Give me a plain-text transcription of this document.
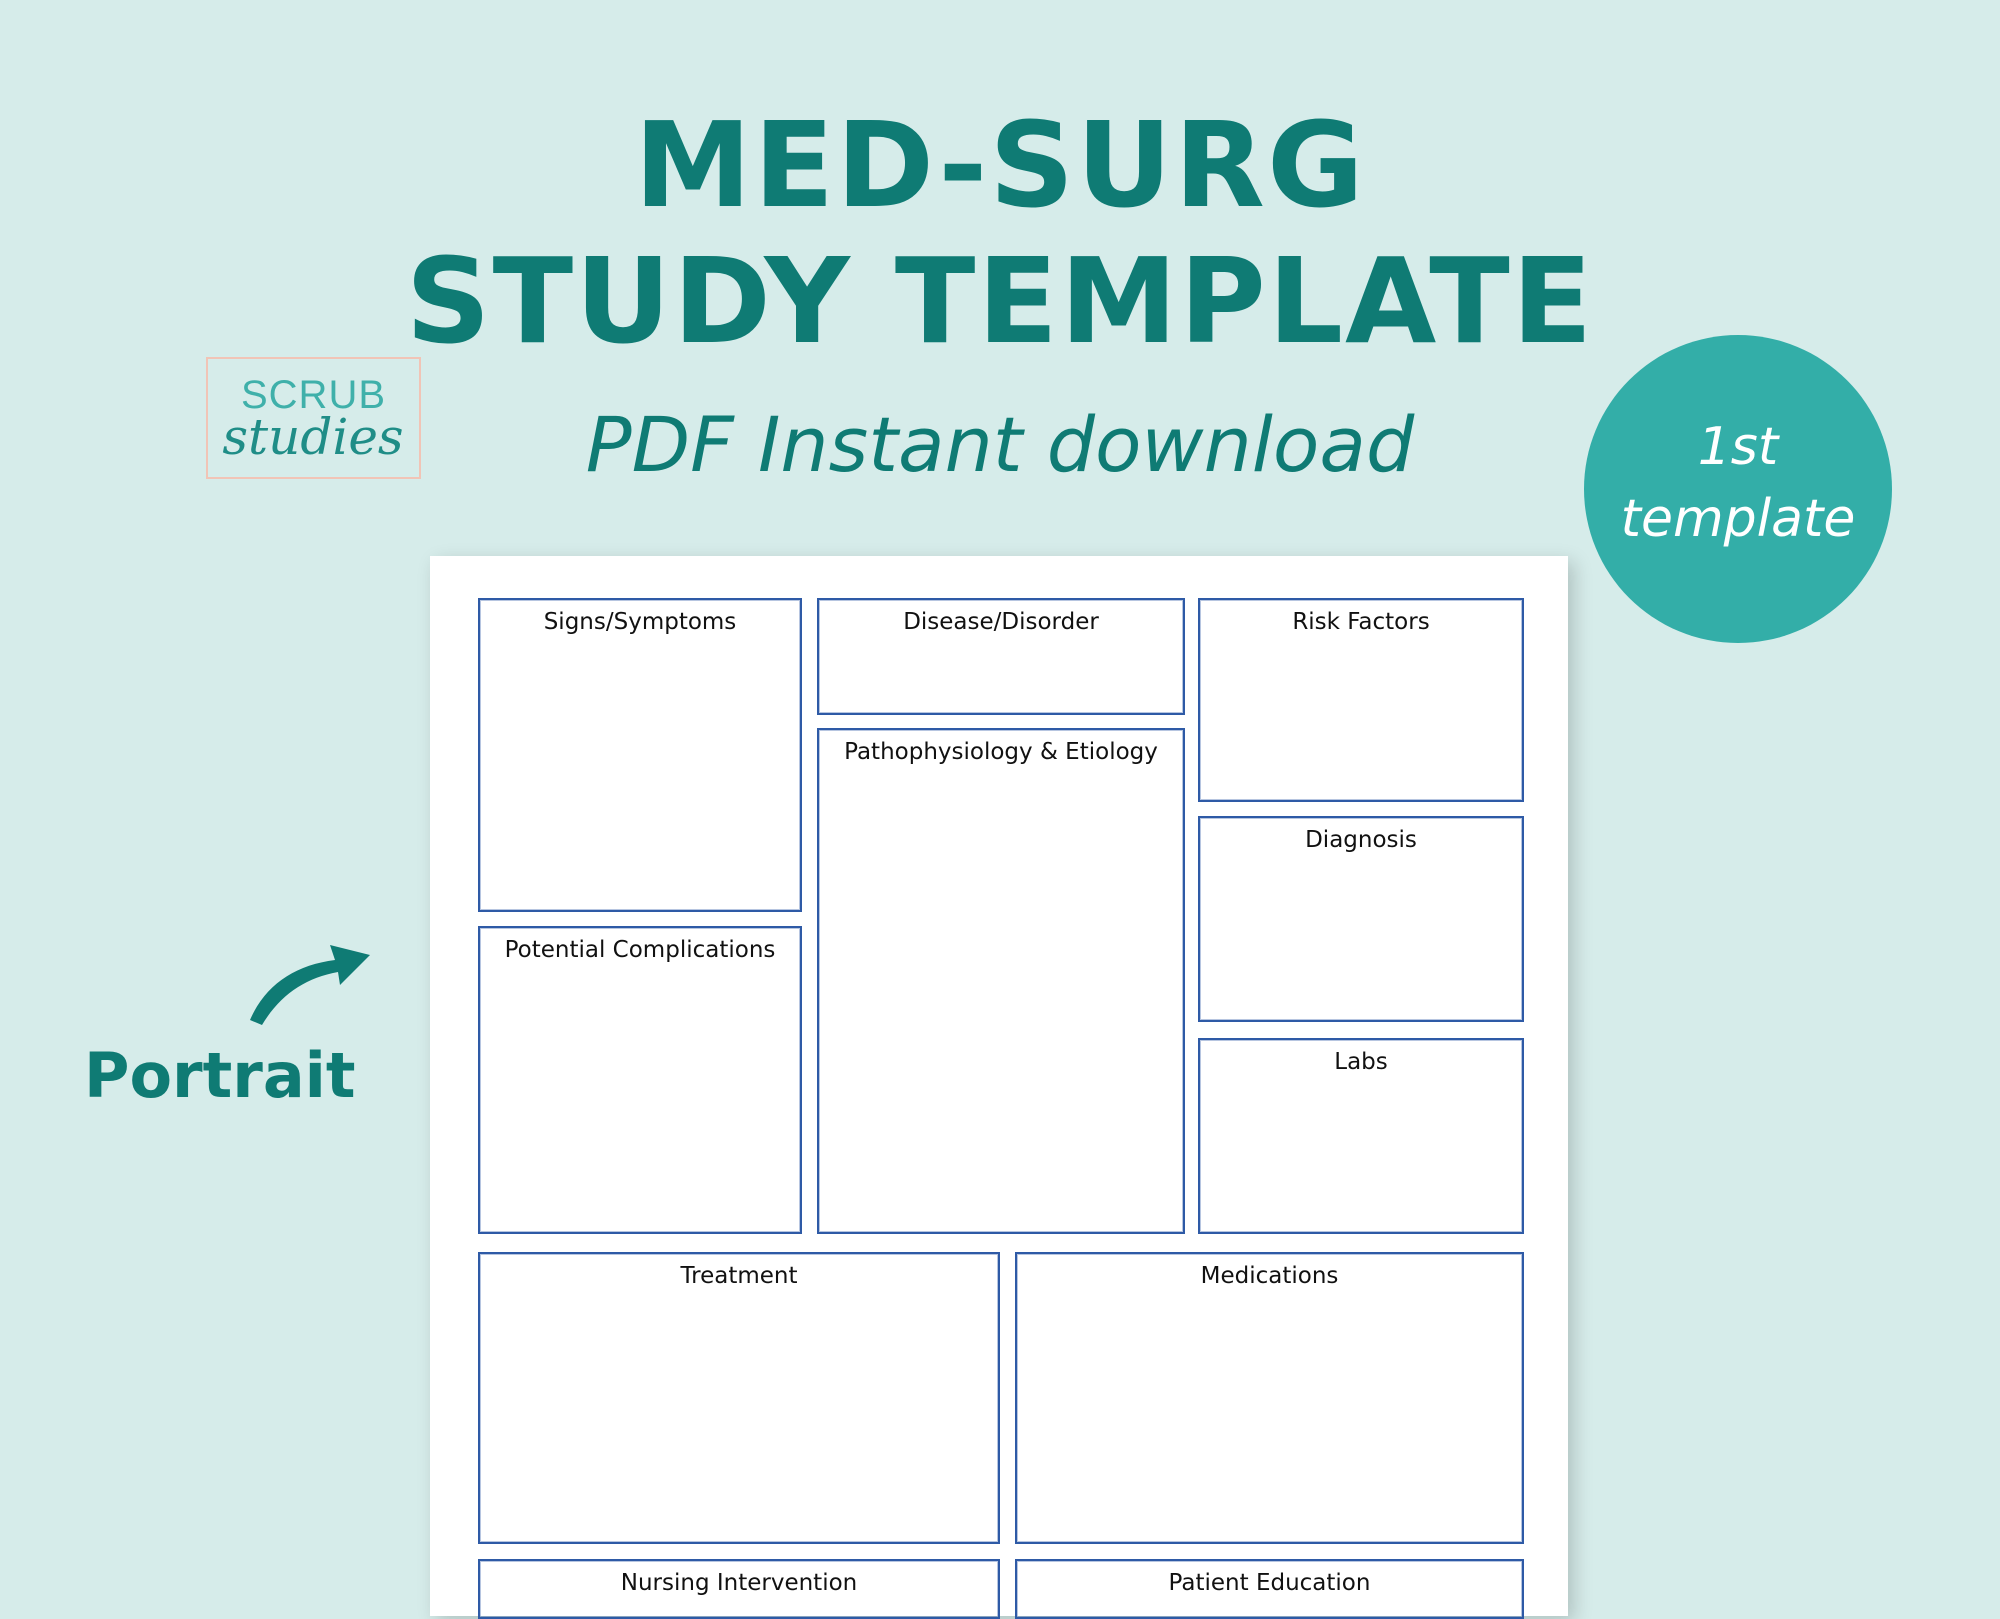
MED-SURG
STUDY TEMPLATE
PDF Instant download
SCRUB
studies	1st
template
Portrait
Signs/Symptoms	Disease/Disorder	Risk Factors
Pathophysiology & Etiology
Diagnosis
Potential Complications
Labs
Treatment	Medications
Nursing Intervention	Patient Education
